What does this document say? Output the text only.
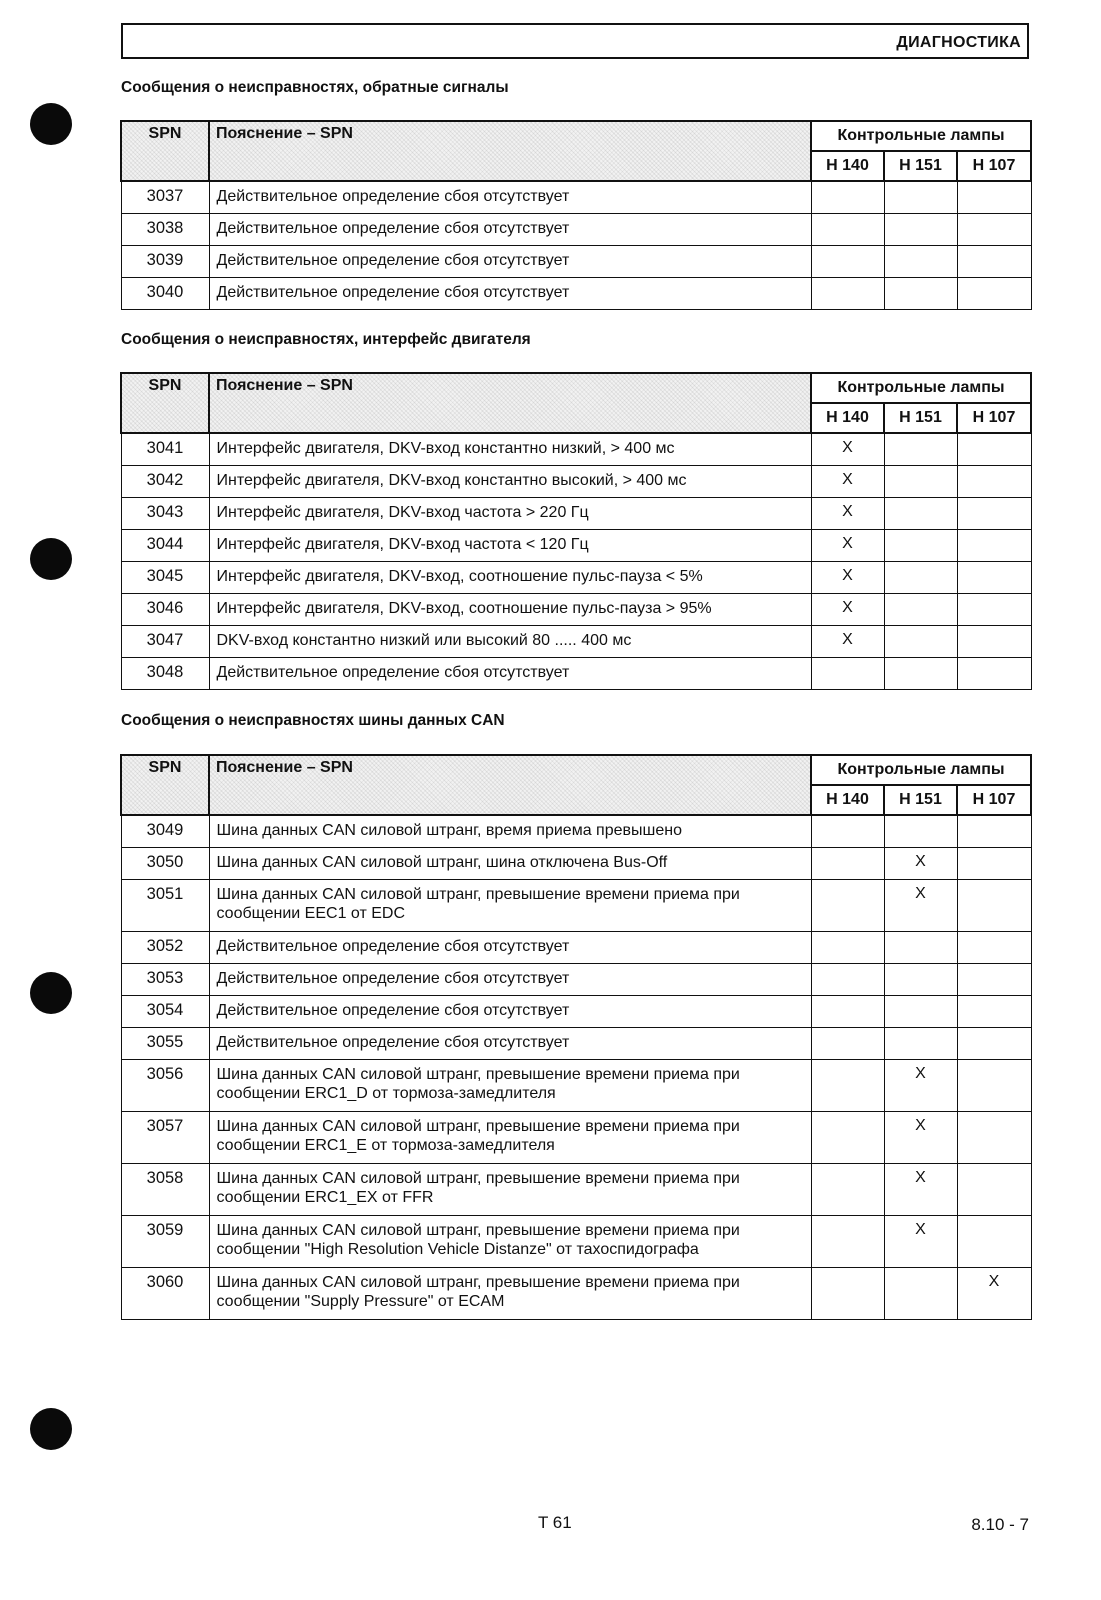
ДИАГНОСТИКА
Сообщения о неисправностях, обратные сигналы
SPN	Пояснение – SPN	Контрольные лампы		
		Н 140	Н 151	Н 107
3037	Действительное определение сбоя отсутствует			
3038	Действительное определение сбоя отсутствует			
3039	Действительное определение сбоя отсутствует			
3040	Действительное определение сбоя отсутствует			
Сообщения о неисправностях, интерфейс двигателя
SPN	Пояснение – SPN	Контрольные лампы		
		Н 140	Н 151	Н 107
3041	Интерфейс двигателя, DKV-вход константно низкий, > 400 мс	X		
3042	Интерфейс двигателя, DKV-вход константно высокий, > 400 мс	X		
3043	Интерфейс двигателя, DKV-вход частота > 220 Гц	X		
3044	Интерфейс двигателя, DKV-вход частота < 120 Гц	X		
3045	Интерфейс двигателя, DKV-вход, соотношение пульс-пауза < 5%	X		
3046	Интерфейс двигателя, DKV-вход, соотношение пульс-пауза > 95%	X		
3047	DKV-вход константно низкий или высокий 80 ..... 400 мс	X		
3048	Действительное определение сбоя отсутствует			
Сообщения о неисправностях шины данных CAN
SPN	Пояснение – SPN	Контрольные лампы		
		Н 140	Н 151	Н 107
3049	Шина данных CAN силовой штранг, время приема превышено			
3050	Шина данных CAN силовой штранг, шина отключена Bus-Off		X	
3051	Шина данных CAN силовой штранг, превышение времени приема при сообщении EEC1 от EDC		X	
3052	Действительное определение сбоя отсутствует			
3053	Действительное определение сбоя отсутствует			
3054	Действительное определение сбоя отсутствует			
3055	Действительное определение сбоя отсутствует			
3056	Шина данных CAN силовой штранг, превышение времени приема при сообщении ERC1_D от тормоза-замедлителя		X	
3057	Шина данных CAN силовой штранг, превышение времени приема при сообщении ERC1_E от тормоза-замедлителя		X	
3058	Шина данных CAN силовой штранг, превышение времени приема при сообщении ERC1_EX от FFR		X	
3059	Шина данных CAN силовой штранг, превышение времени приема при сообщении "High Resolution Vehicle Distanze" от тахоспидографа		X	
3060	Шина данных CAN силовой штранг, превышение времени приема при сообщении "Supply Pressure" от ECAM			X
T 61	8.10 - 7
